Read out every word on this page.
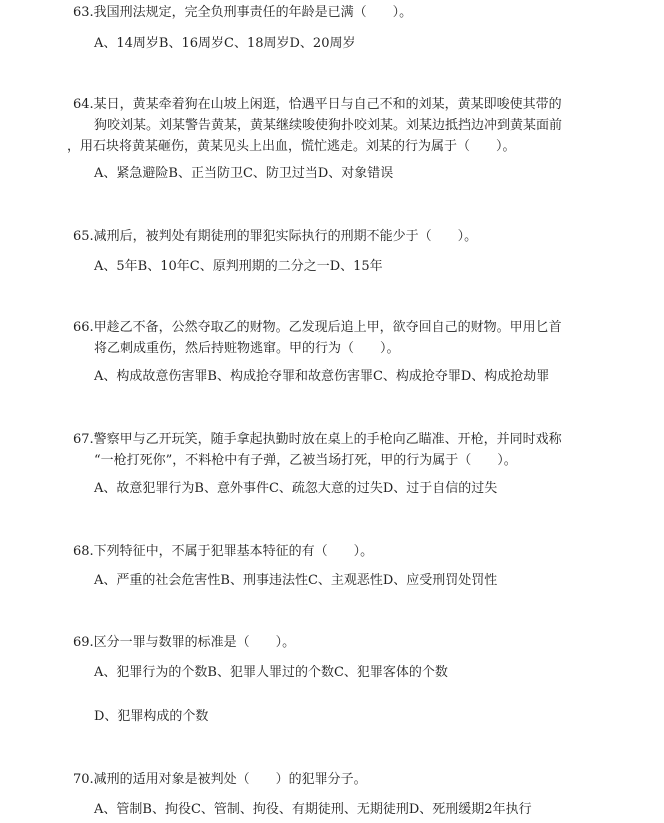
63.我国刑法规定，完全负刑事责任的年龄是已满（　　）。

A、14周岁B、16周岁C、18周岁D、20周岁

64.某日，黄某牵着狗在山坡上闲逛，恰遇平日与自己不和的刘某，黄某即唆使其带的
狗咬刘某。刘某警告黄某，黄某继续唆使狗扑咬刘某。刘某边抵挡边冲到黄某面前
，用石块将黄某砸伤，黄某见头上出血，慌忙逃走。刘某的行为属于（　　）。

A、紧急避险B、正当防卫C、防卫过当D、对象错误

65.减刑后，被判处有期徒刑的罪犯实际执行的刑期不能少于（　　）。

A、5年B、10年C、原判刑期的二分之一D、15年

66.甲趁乙不备，公然夺取乙的财物。乙发现后追上甲，欲夺回自己的财物。甲用匕首
将乙刺成重伤，然后持赃物逃窜。甲的行为（　　）。

A、构成故意伤害罪B、构成抢夺罪和故意伤害罪C、构成抢夺罪D、构成抢劫罪

67.警察甲与乙开玩笑，随手拿起执勤时放在桌上的手枪向乙瞄准、开枪，并同时戏称
“一枪打死你”，不料枪中有子弹，乙被当场打死，甲的行为属于（　　）。

A、故意犯罪行为B、意外事件C、疏忽大意的过失D、过于自信的过失

68.下列特征中，不属于犯罪基本特征的有（　　）。

A、严重的社会危害性B、刑事违法性C、主观恶性D、应受刑罚处罚性

69.区分一罪与数罪的标准是（　　）。

A、犯罪行为的个数B、犯罪人罪过的个数C、犯罪客体的个数

D、犯罪构成的个数

70.减刑的适用对象是被判处（　　）的犯罪分子。

A、管制B、拘役C、管制、拘役、有期徒刑、无期徒刑D、死刑缓期2年执行
